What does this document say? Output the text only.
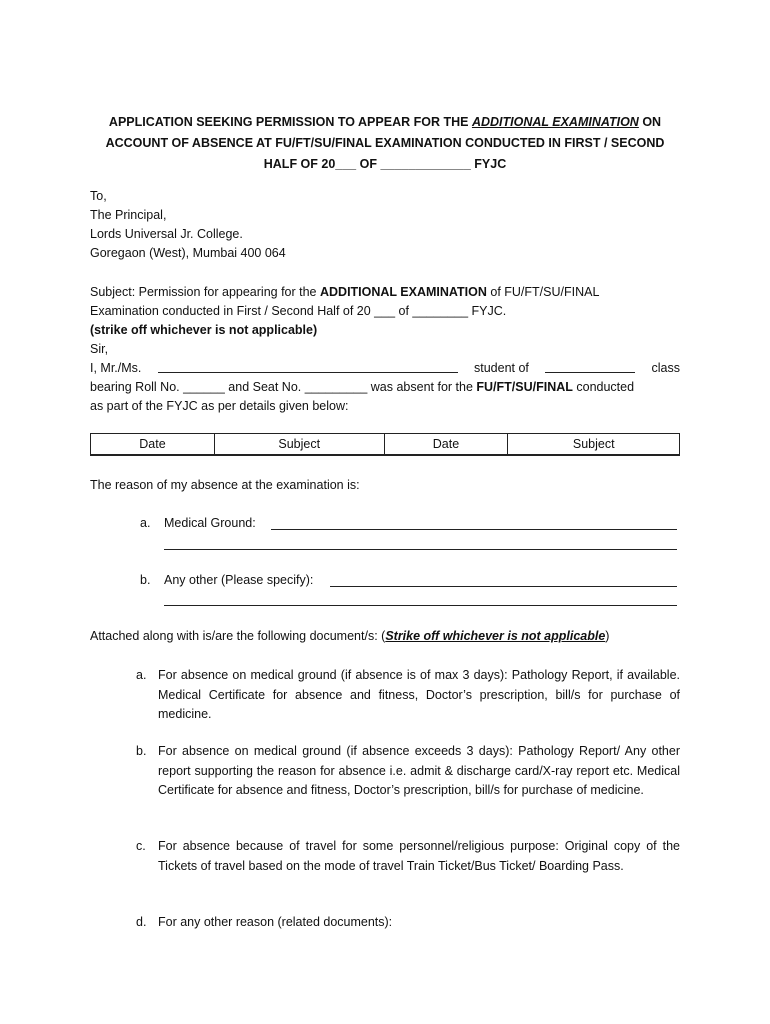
APPLICATION SEEKING PERMISSION TO APPEAR FOR THE ADDITIONAL EXAMINATION ON
ACCOUNT OF ABSENCE AT FU/FT/SU/FINAL EXAMINATION CONDUCTED IN FIRST / SECOND
HALF OF 20___ OF _____________ FYJC
To,
The Principal,
Lords Universal Jr. College.
Goregaon (West), Mumbai 400 064
Subject: Permission for appearing for the ADDITIONAL EXAMINATION of FU/FT/SU/FINAL
Examination conducted in First / Second Half of 20 ___ of ________ FYJC.
(strike off whichever is not applicable)
Sir,
I, Mr./Ms.	student of	class
bearing Roll No. ______ and Seat No. _________ was absent for the FU/FT/SU/FINAL conducted
as part of the FYJC as per details given below:
Date	Subject	Date	Subject
The reason of my absence at the examination is:
a. Medical Ground:
b. Any other (Please specify):
Attached along with is/are the following document/s: (Strike off whichever is not applicable)
a. For absence on medical ground (if absence is of max 3 days): Pathology Report, if available. Medical Certificate for absence and fitness, Doctor’s prescription, bill/s for purchase of medicine.
b. For absence on medical ground (if absence exceeds 3 days): Pathology Report/ Any other report supporting the reason for absence i.e. admit & discharge card/X-ray report etc. Medical Certificate for absence and fitness, Doctor’s prescription, bill/s for purchase of medicine.
c. For absence because of travel for some personnel/religious purpose: Original copy of the Tickets of travel based on the mode of travel Train Ticket/Bus Ticket/ Boarding Pass.
d. For any other reason (related documents):
